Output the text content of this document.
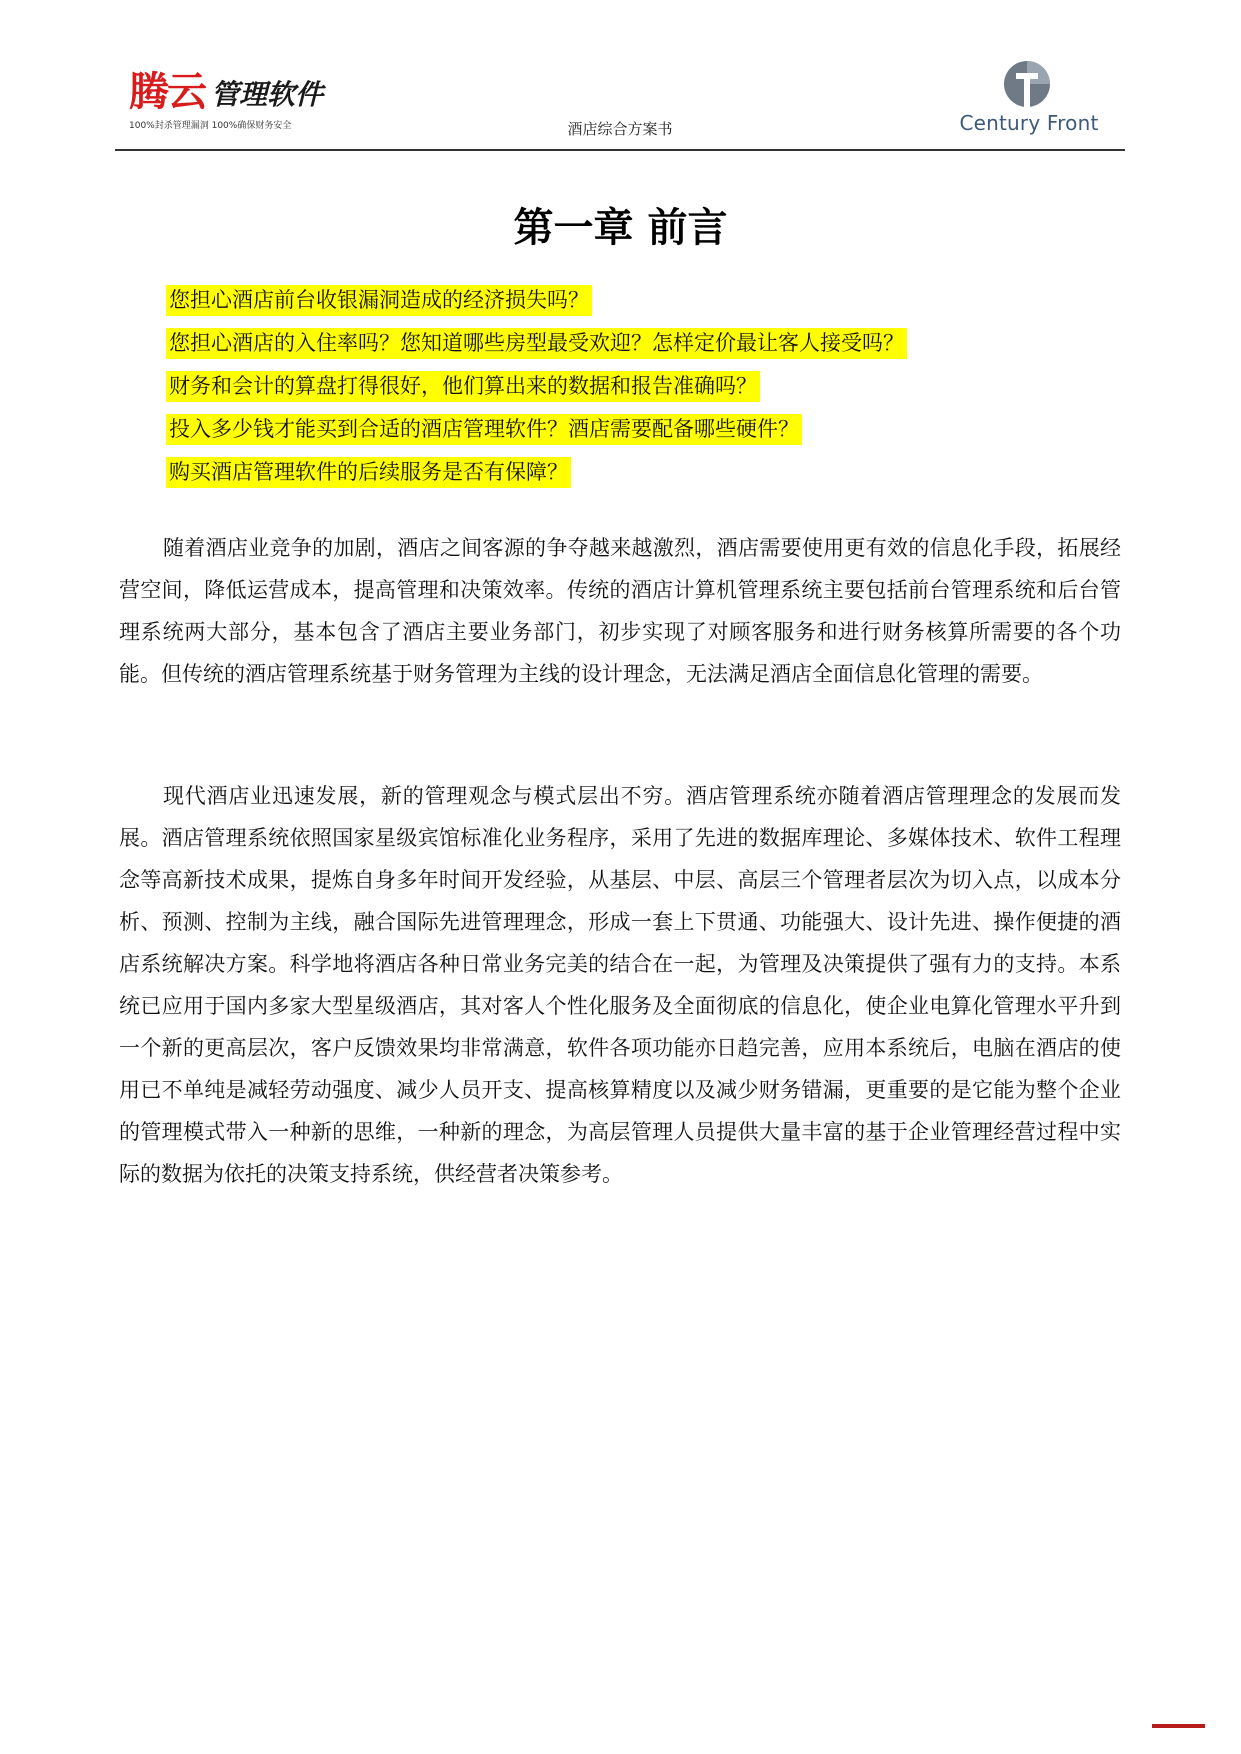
腾云 管理软件
100%封杀管理漏洞 100%确保财务安全	酒店综合方案书	Century Front
第一章 前言
您担心酒店前台收银漏洞造成的经济损失吗？
您担心酒店的入住率吗？您知道哪些房型最受欢迎？怎样定价最让客人接受吗？
财务和会计的算盘打得很好，他们算出来的数据和报告准确吗？
投入多少钱才能买到合适的酒店管理软件？酒店需要配备哪些硬件？
购买酒店管理软件的后续服务是否有保障？

随着酒店业竞争的加剧，酒店之间客源的争夺越来越激烈，酒店需要使用更有效的信息化手段，拓展经营空间，降低运营成本，提高管理和决策效率。传统的酒店计算机管理系统主要包括前台管理系统和后台管理系统两大部分，基本包含了酒店主要业务部门，初步实现了对顾客服务和进行财务核算所需要的各个功能。但传统的酒店管理系统基于财务管理为主线的设计理念，无法满足酒店全面信息化管理的需要。

现代酒店业迅速发展，新的管理观念与模式层出不穷。酒店管理系统亦随着酒店管理理念的发展而发展。酒店管理系统依照国家星级宾馆标准化业务程序，采用了先进的数据库理论、多媒体技术、软件工程理念等高新技术成果，提炼自身多年时间开发经验，从基层、中层、高层三个管理者层次为切入点，以成本分析、预测、控制为主线，融合国际先进管理理念，形成一套上下贯通、功能强大、设计先进、操作便捷的酒店系统解决方案。科学地将酒店各种日常业务完美的结合在一起，为管理及决策提供了强有力的支持。本系统已应用于国内多家大型星级酒店，其对客人个性化服务及全面彻底的信息化，使企业电算化管理水平升到一个新的更高层次，客户反馈效果均非常满意，软件各项功能亦日趋完善，应用本系统后，电脑在酒店的使用已不单纯是减轻劳动强度、减少人员开支、提高核算精度以及减少财务错漏，更重要的是它能为整个企业的管理模式带入一种新的思维，一种新的理念，为高层管理人员提供大量丰富的基于企业管理经营过程中实际的数据为依托的决策支持系统，供经营者决策参考。
